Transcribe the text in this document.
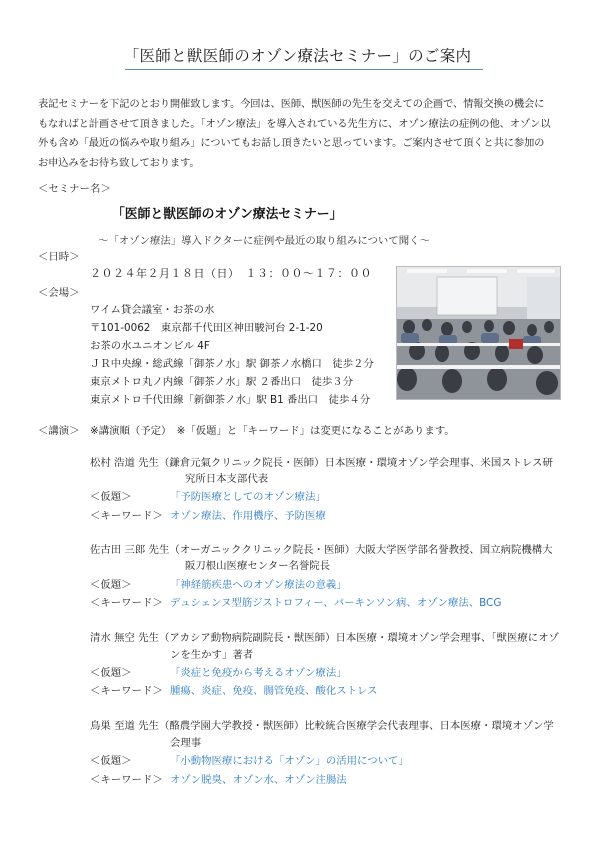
「医師と獣医師のオゾン療法セミナー」のご案内
表記セミナーを下記のとおり開催致します。今回は、医師、獣医師の先生を交えての企画で、情報交換の機会に
もなればと計画させて頂きました。「オゾン療法」を導入されている先生方に、オゾン療法の症例の他、オゾン以
外も含め「最近の悩みや取り組み」についてもお話し頂きたいと思っています。ご案内させて頂くと共に参加の
お申込みをお待ち致しております。
＜セミナー名＞
「医師と獣医師のオゾン療法セミナー」
～「オゾン療法」導入ドクターに症例や最近の取り組みについて聞く～
＜日時＞
２０２４年２月１８日（日）　１３：００～１７：００
＜会場＞
ワイム貸会議室・お茶の水
〒101-0062　東京都千代田区神田駿河台 2-1-20
お茶の水ユニオンビル 4F
ＪＲ中央線・総武線「御茶ノ水」駅 御茶ノ水橋口　徒歩２分
東京メトロ丸ノ内線「御茶ノ水」駅 ２番出口　徒歩３分
東京メトロ千代田線「新御茶ノ水」駅 B1 番出口　徒歩４分
＜講演＞ ※講演順（予定）　※「仮題」と「キーワード」は変更になることがあります。
松村 浩道 先生（鎌倉元氣クリニック院長・医師）日本医療・環境オゾン学会理事、米国ストレス研
究所日本支部代表
＜仮題＞	「予防医療としてのオゾン療法」
＜キーワード＞ オゾン療法、作用機序、予防医療
佐古田 三郎 先生（オーガニッククリニック院長・医師）大阪大学医学部名誉教授、国立病院機構大
阪刀根山医療センター名誉院長
＜仮題＞	「神経筋疾患へのオゾン療法の意義」
＜キーワード＞ デュシェンヌ型筋ジストロフィー、パーキンソン病、オゾン療法、BCG
清水 無空 先生（アカシア動物病院副院長・獣医師）日本医療・環境オゾン学会理事、「獣医療にオゾ
ンを生かす」著者
＜仮題＞	「炎症と免疫から考えるオゾン療法」
＜キーワード＞ 腫瘍、炎症、免疫、腸管免疫、酸化ストレス
鳥巣 至道 先生（酪農学園大学教授・獣医師）比較統合医療学会代表理事、日本医療・環境オゾン学
会理事
＜仮題＞	「小動物医療における「オゾン」の活用について」
＜キーワード＞ オゾン脱臭、オゾン水、オゾン注腸法
